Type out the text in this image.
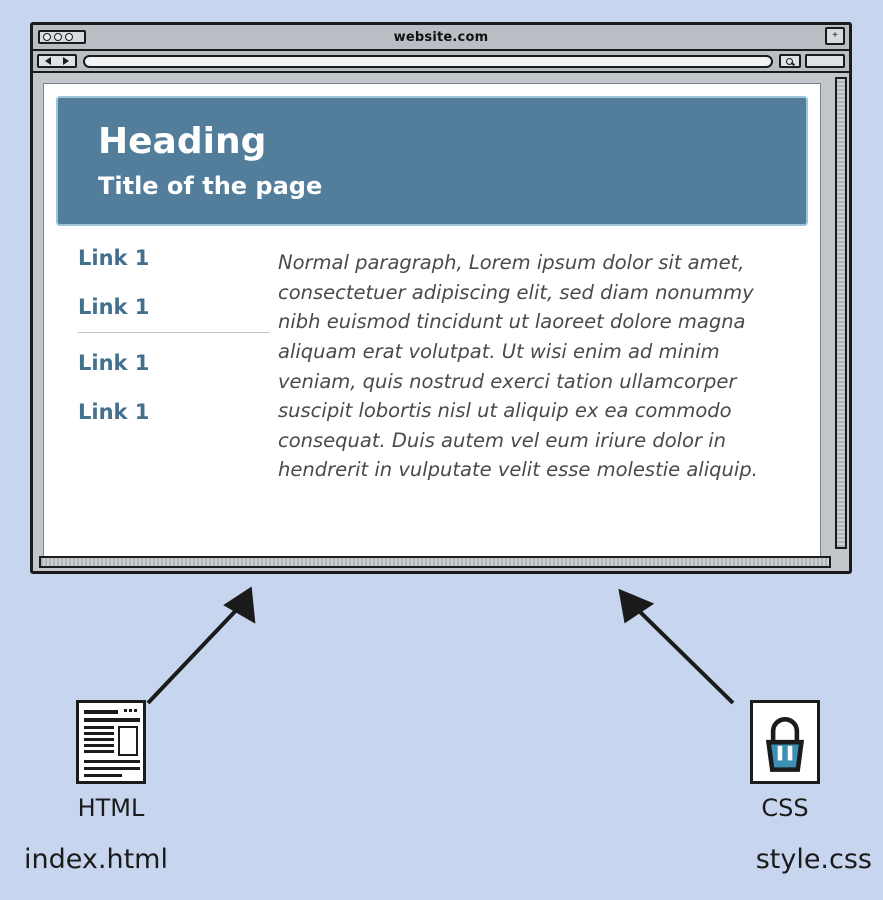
website.com	+
Heading
Title of the page
Link 1
Link 1
Link 1
Link 1

Normal paragraph, Lorem ipsum dolor sit amet, consectetuer adipiscing elit, sed diam nonummy nibh euismod tincidunt ut laoreet dolore magna aliquam erat volutpat. Ut wisi enim ad minim veniam, quis nostrud exerci tation ullamcorper suscipit lobortis nisl ut aliquip ex ea commodo consequat. Duis autem vel eum iriure dolor in hendrerit in vulputate velit esse molestie aliquip.

HTML
index.html
CSS
style.css
